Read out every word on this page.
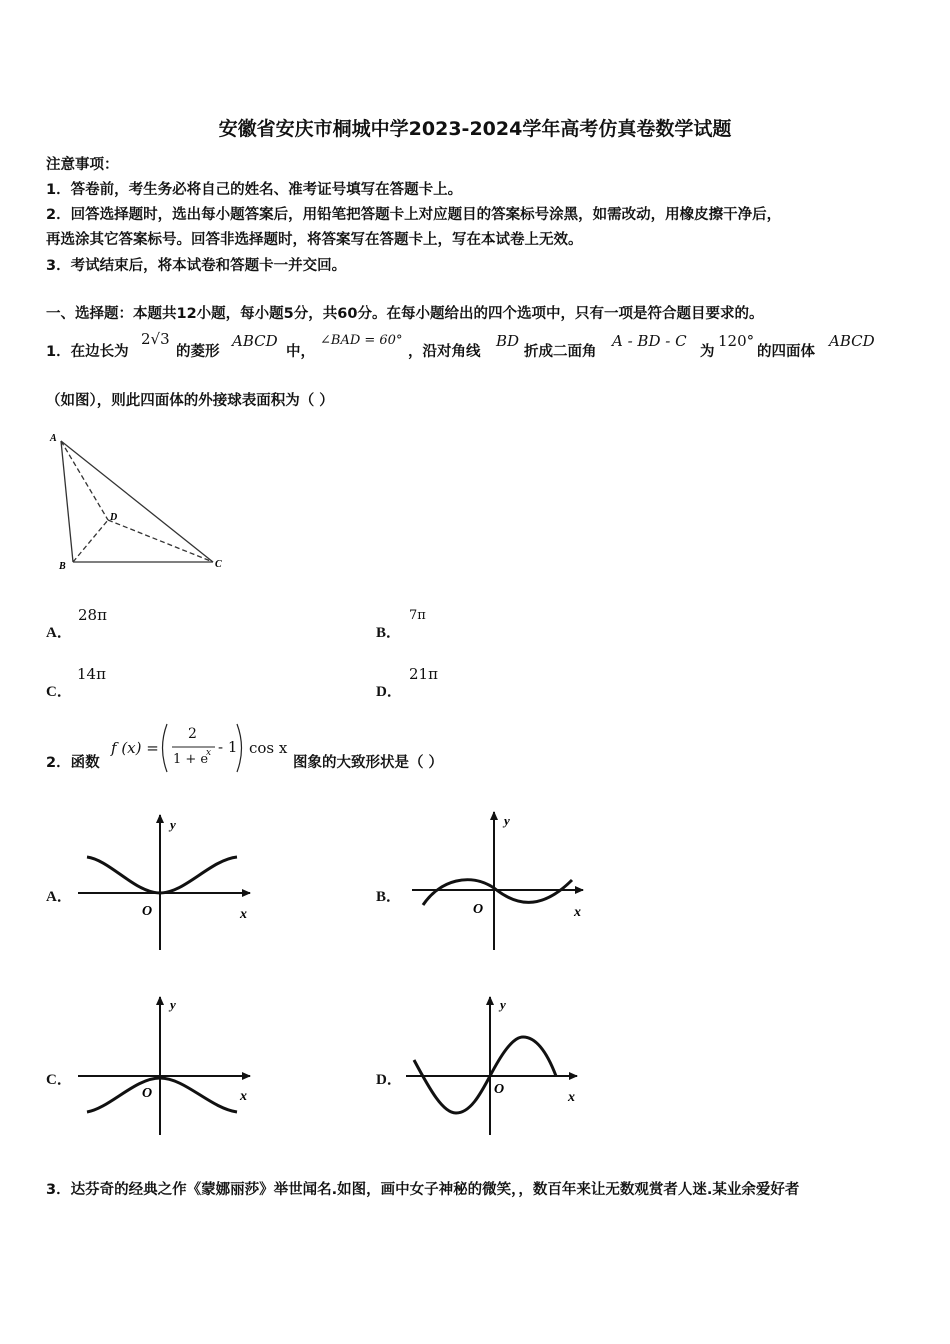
安徽省安庆市桐城中学2023-2024学年高考仿真卷数学试题
注意事项：
1．答卷前，考生务必将自己的姓名、准考证号填写在答题卡上。
2．回答选择题时，选出每小题答案后，用铅笔把答题卡上对应题目的答案标号涂黑，如需改动，用橡皮擦干净后，
再选涂其它答案标号。回答非选择题时，将答案写在答题卡上，写在本试卷上无效。
3．考试结束后，将本试卷和答题卡一并交回。
一、选择题：本题共12小题，每小题5分，共60分。在每小题给出的四个选项中，只有一项是符合题目要求的。
1．在边长为
2√3
的菱形
ABCD
中，
∠BAD = 60°
，沿对角线
BD
折成二面角
A - BD - C
为
120°
的四面体
ABCD
（如图），则此四面体的外接球表面积为（ ）
A
B	C
D
A．
28π
B．
7π
C．
14π
D．
21π
2．函数
f (x) =
2
1 + e
x - 1 cos x
图象的大致形状是（ ）
A．	B．
C．	D．
y
x
O
y
x
O
y
x
O
y
x
O
3．达芬奇的经典之作《蒙娜丽莎》举世闻名.如图，画中女子神秘的微笑，，数百年来让无数观赏者人迷.某业余爱好者
